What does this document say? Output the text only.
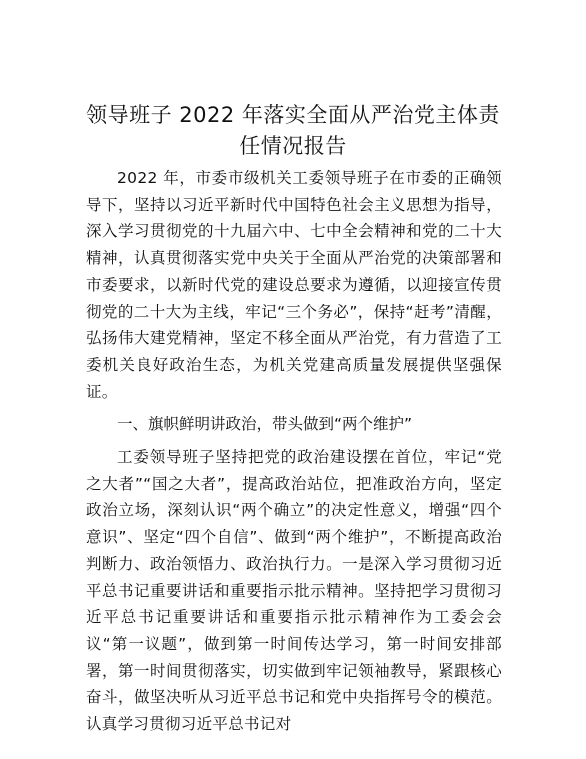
领导班子 2022 年落实全面从严治党主体责任情况报告

2022 年，市委市级机关工委领导班子在市委的正确领导下，坚持以习近平新时代中国特色社会主义思想为指导，深入学习贯彻党的十九届六中、七中全会精神和党的二十大精神，认真贯彻落实党中央关于全面从严治党的决策部署和市委要求，以新时代党的建设总要求为遵循，以迎接宣传贯彻党的二十大为主线，牢记“三个务必”，保持“赶考”清醒，弘扬伟大建党精神，坚定不移全面从严治党，有力营造了工委机关良好政治生态，为机关党建高质量发展提供坚强保证。

一、旗帜鲜明讲政治，带头做到“两个维护”

工委领导班子坚持把党的政治建设摆在首位，牢记“党之大者”“国之大者”，提高政治站位，把准政治方向，坚定政治立场，深刻认识“两个确立”的决定性意义，增强“四个意识”、坚定“四个自信”、做到“两个维护”，不断提高政治判断力、政治领悟力、政治执行力。一是深入学习贯彻习近平总书记重要讲话和重要指示批示精神。坚持把学习贯彻习近平总书记重要讲话和重要指示批示精神作为工委会会议“第一议题”，做到第一时间传达学习，第一时间安排部署，第一时间贯彻落实，切实做到牢记领袖教导，紧跟核心奋斗，做坚决听从习近平总书记和党中央指挥号令的模范。认真学习贯彻习近平总书记对
